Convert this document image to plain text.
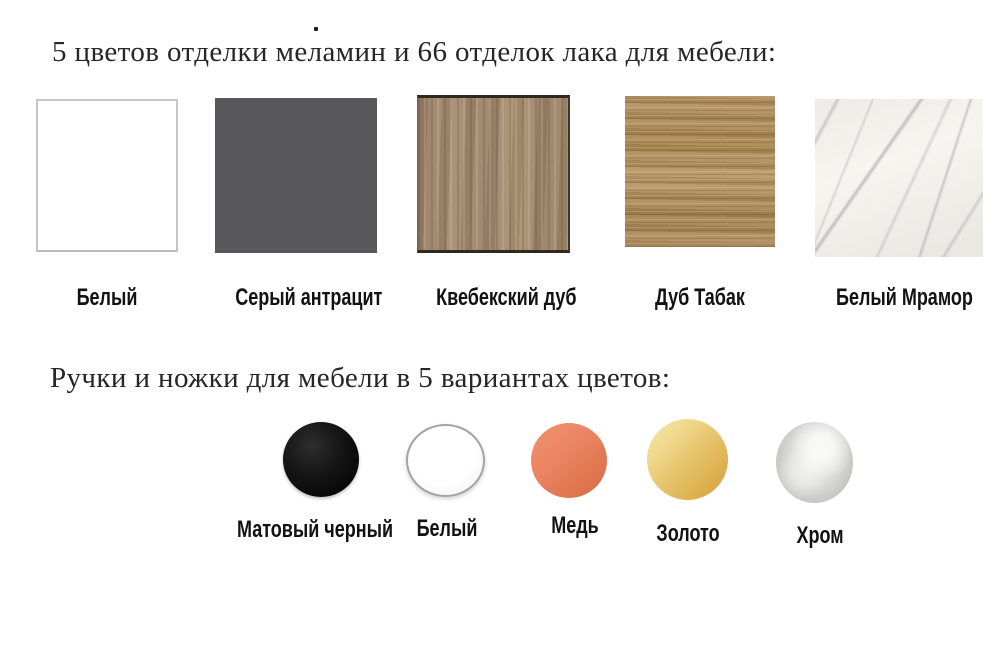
5 цветов отделки меламин и 66 отделок лака для мебели:
Белый	Серый антрацит Квебекский дуб	Дуб Табак	Белый Мрамор
Ручки и ножки для мебели в 5 вариантах цветов:
Матовый черный Белый	Медь	Золото	Хром
